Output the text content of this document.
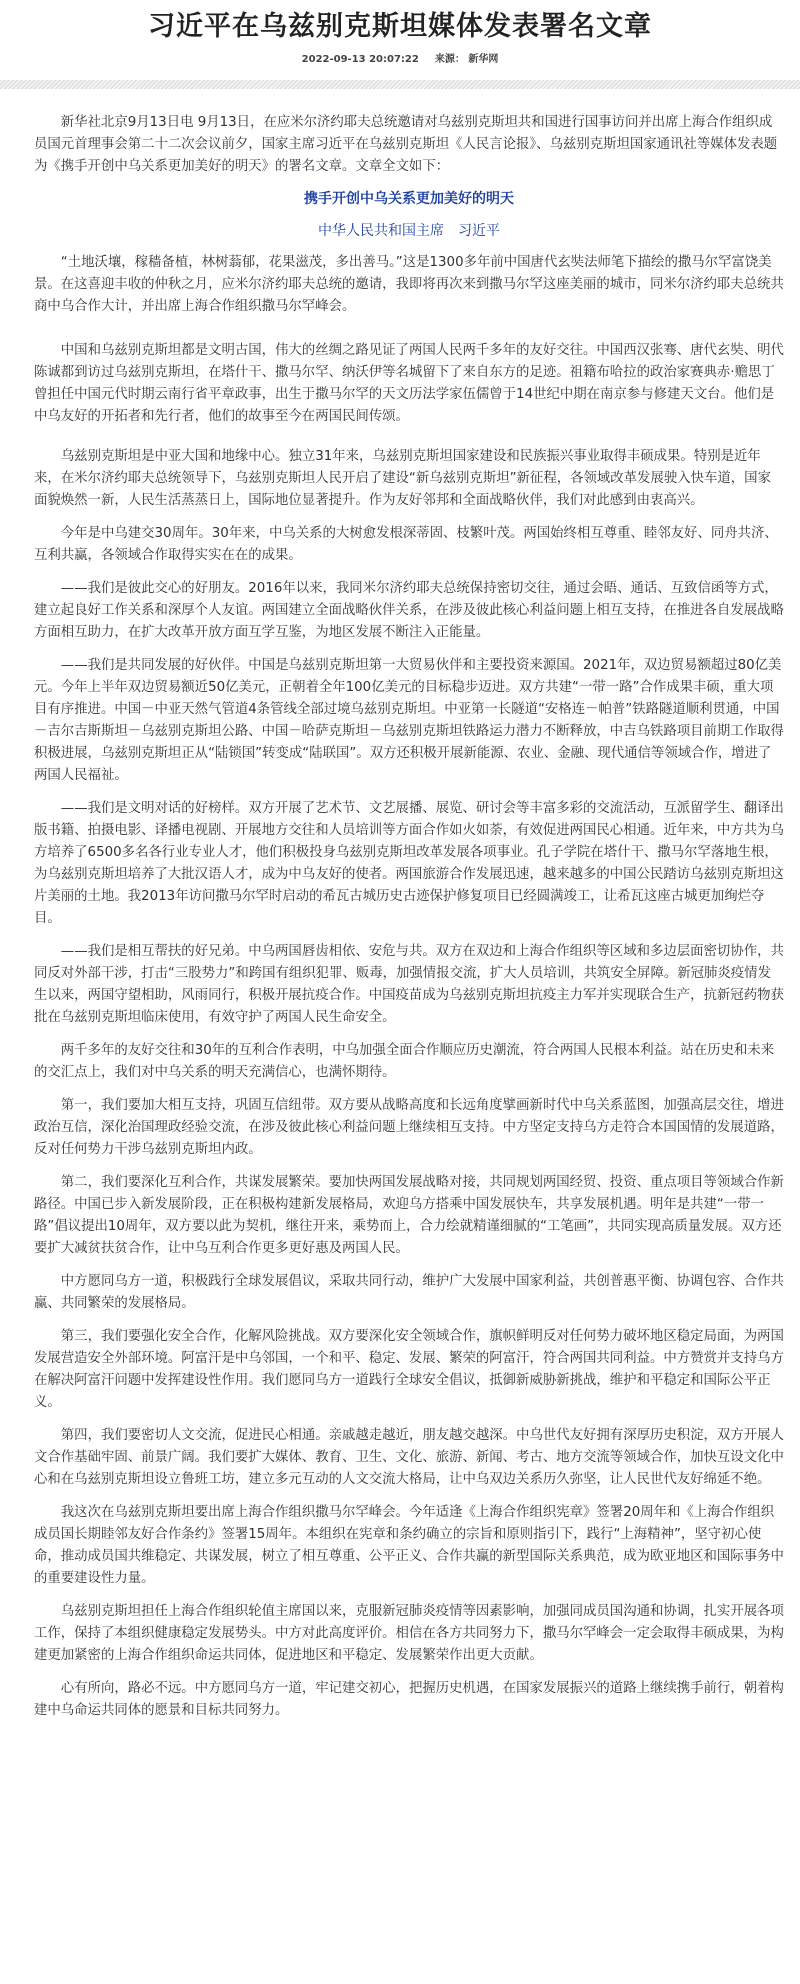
习近平在乌兹别克斯坦媒体发表署名文章
2022-09-13 20:07:22 来源： 新华网

新华社北京9月13日电 9月13日，在应米尔济约耶夫总统邀请对乌兹别克斯坦共和国进行国事访问并出席上海合作组织成员国元首理事会第二十二次会议前夕，国家主席习近平在乌兹别克斯坦《人民言论报》、乌兹别克斯坦国家通讯社等媒体发表题为《携手开创中乌关系更加美好的明天》的署名文章。文章全文如下：

携手开创中乌关系更加美好的明天

中华人民共和国主席　习近平

“土地沃壤，稼穑备植，林树蓊郁，花果滋茂，多出善马。”这是1300多年前中国唐代玄奘法师笔下描绘的撒马尔罕富饶美景。在这喜迎丰收的仲秋之月，应米尔济约耶夫总统的邀请，我即将再次来到撒马尔罕这座美丽的城市，同米尔济约耶夫总统共商中乌合作大计，并出席上海合作组织撒马尔罕峰会。

中国和乌兹别克斯坦都是文明古国，伟大的丝绸之路见证了两国人民两千多年的友好交往。中国西汉张骞、唐代玄奘、明代陈诚都到访过乌兹别克斯坦，在塔什干、撒马尔罕、纳沃伊等名城留下了来自东方的足迹。祖籍布哈拉的政治家赛典赤·赡思丁曾担任中国元代时期云南行省平章政事，出生于撒马尔罕的天文历法学家伍儒曾于14世纪中期在南京参与修建天文台。他们是中乌友好的开拓者和先行者，他们的故事至今在两国民间传颂。

乌兹别克斯坦是中亚大国和地缘中心。独立31年来，乌兹别克斯坦国家建设和民族振兴事业取得丰硕成果。特别是近年来，在米尔济约耶夫总统领导下，乌兹别克斯坦人民开启了建设“新乌兹别克斯坦”新征程，各领域改革发展驶入快车道，国家面貌焕然一新，人民生活蒸蒸日上，国际地位显著提升。作为友好邻邦和全面战略伙伴，我们对此感到由衷高兴。

今年是中乌建交30周年。30年来，中乌关系的大树愈发根深蒂固、枝繁叶茂。两国始终相互尊重、睦邻友好、同舟共济、互利共赢，各领域合作取得实实在在的成果。

——我们是彼此交心的好朋友。2016年以来，我同米尔济约耶夫总统保持密切交往，通过会晤、通话、互致信函等方式，建立起良好工作关系和深厚个人友谊。两国建立全面战略伙伴关系，在涉及彼此核心利益问题上相互支持，在推进各自发展战略方面相互助力，在扩大改革开放方面互学互鉴，为地区发展不断注入正能量。

——我们是共同发展的好伙伴。中国是乌兹别克斯坦第一大贸易伙伴和主要投资来源国。2021年，双边贸易额超过80亿美元。今年上半年双边贸易额近50亿美元，正朝着全年100亿美元的目标稳步迈进。双方共建“一带一路”合作成果丰硕，重大项目有序推进。中国－中亚天然气管道4条管线全部过境乌兹别克斯坦。中亚第一长隧道“安格连－帕普”铁路隧道顺利贯通，中国－吉尔吉斯斯坦－乌兹别克斯坦公路、中国－哈萨克斯坦－乌兹别克斯坦铁路运力潜力不断释放，中吉乌铁路项目前期工作取得积极进展，乌兹别克斯坦正从“陆锁国”转变成“陆联国”。双方还积极开展新能源、农业、金融、现代通信等领域合作，增进了两国人民福祉。

——我们是文明对话的好榜样。双方开展了艺术节、文艺展播、展览、研讨会等丰富多彩的交流活动，互派留学生、翻译出版书籍、拍摄电影、译播电视剧、开展地方交往和人员培训等方面合作如火如荼，有效促进两国民心相通。近年来，中方共为乌方培养了6500多名各行业专业人才，他们积极投身乌兹别克斯坦改革发展各项事业。孔子学院在塔什干、撒马尔罕落地生根，为乌兹别克斯坦培养了大批汉语人才，成为中乌友好的使者。两国旅游合作发展迅速，越来越多的中国公民踏访乌兹别克斯坦这片美丽的土地。我2013年访问撒马尔罕时启动的希瓦古城历史古迹保护修复项目已经圆满竣工，让希瓦这座古城更加绚烂夺目。

——我们是相互帮扶的好兄弟。中乌两国唇齿相依、安危与共。双方在双边和上海合作组织等区域和多边层面密切协作，共同反对外部干涉，打击“三股势力”和跨国有组织犯罪、贩毒，加强情报交流，扩大人员培训，共筑安全屏障。新冠肺炎疫情发生以来，两国守望相助，风雨同行，积极开展抗疫合作。中国疫苗成为乌兹别克斯坦抗疫主力军并实现联合生产，抗新冠药物获批在乌兹别克斯坦临床使用，有效守护了两国人民生命安全。

两千多年的友好交往和30年的互利合作表明，中乌加强全面合作顺应历史潮流，符合两国人民根本利益。站在历史和未来的交汇点上，我们对中乌关系的明天充满信心，也满怀期待。

第一，我们要加大相互支持，巩固互信纽带。双方要从战略高度和长远角度擘画新时代中乌关系蓝图，加强高层交往，增进政治互信，深化治国理政经验交流，在涉及彼此核心利益问题上继续相互支持。中方坚定支持乌方走符合本国国情的发展道路，反对任何势力干涉乌兹别克斯坦内政。

第二，我们要深化互利合作，共谋发展繁荣。要加快两国发展战略对接，共同规划两国经贸、投资、重点项目等领域合作新路径。中国已步入新发展阶段，正在积极构建新发展格局，欢迎乌方搭乘中国发展快车，共享发展机遇。明年是共建“一带一路”倡议提出10周年，双方要以此为契机，继往开来，乘势而上，合力绘就精谨细腻的“工笔画”，共同实现高质量发展。双方还要扩大减贫扶贫合作，让中乌互利合作更多更好惠及两国人民。

中方愿同乌方一道，积极践行全球发展倡议，采取共同行动，维护广大发展中国家利益，共创普惠平衡、协调包容、合作共赢、共同繁荣的发展格局。

第三，我们要强化安全合作，化解风险挑战。双方要深化安全领域合作，旗帜鲜明反对任何势力破坏地区稳定局面，为两国发展营造安全外部环境。阿富汗是中乌邻国，一个和平、稳定、发展、繁荣的阿富汗，符合两国共同利益。中方赞赏并支持乌方在解决阿富汗问题中发挥建设性作用。我们愿同乌方一道践行全球安全倡议，抵御新威胁新挑战，维护和平稳定和国际公平正义。

第四，我们要密切人文交流，促进民心相通。亲戚越走越近，朋友越交越深。中乌世代友好拥有深厚历史积淀，双方开展人文合作基础牢固、前景广阔。我们要扩大媒体、教育、卫生、文化、旅游、新闻、考古、地方交流等领域合作，加快互设文化中心和在乌兹别克斯坦设立鲁班工坊，建立多元互动的人文交流大格局，让中乌双边关系历久弥坚，让人民世代友好绵延不绝。

我这次在乌兹别克斯坦要出席上海合作组织撒马尔罕峰会。今年适逢《上海合作组织宪章》签署20周年和《上海合作组织成员国长期睦邻友好合作条约》签署15周年。本组织在宪章和条约确立的宗旨和原则指引下，践行“上海精神”，坚守初心使命，推动成员国共维稳定、共谋发展，树立了相互尊重、公平正义、合作共赢的新型国际关系典范，成为欧亚地区和国际事务中的重要建设性力量。

乌兹别克斯坦担任上海合作组织轮值主席国以来，克服新冠肺炎疫情等因素影响，加强同成员国沟通和协调，扎实开展各项工作，保持了本组织健康稳定发展势头。中方对此高度评价。相信在各方共同努力下，撒马尔罕峰会一定会取得丰硕成果，为构建更加紧密的上海合作组织命运共同体，促进地区和平稳定、发展繁荣作出更大贡献。

心有所向，路必不远。中方愿同乌方一道，牢记建交初心，把握历史机遇，在国家发展振兴的道路上继续携手前行，朝着构建中乌命运共同体的愿景和目标共同努力。
